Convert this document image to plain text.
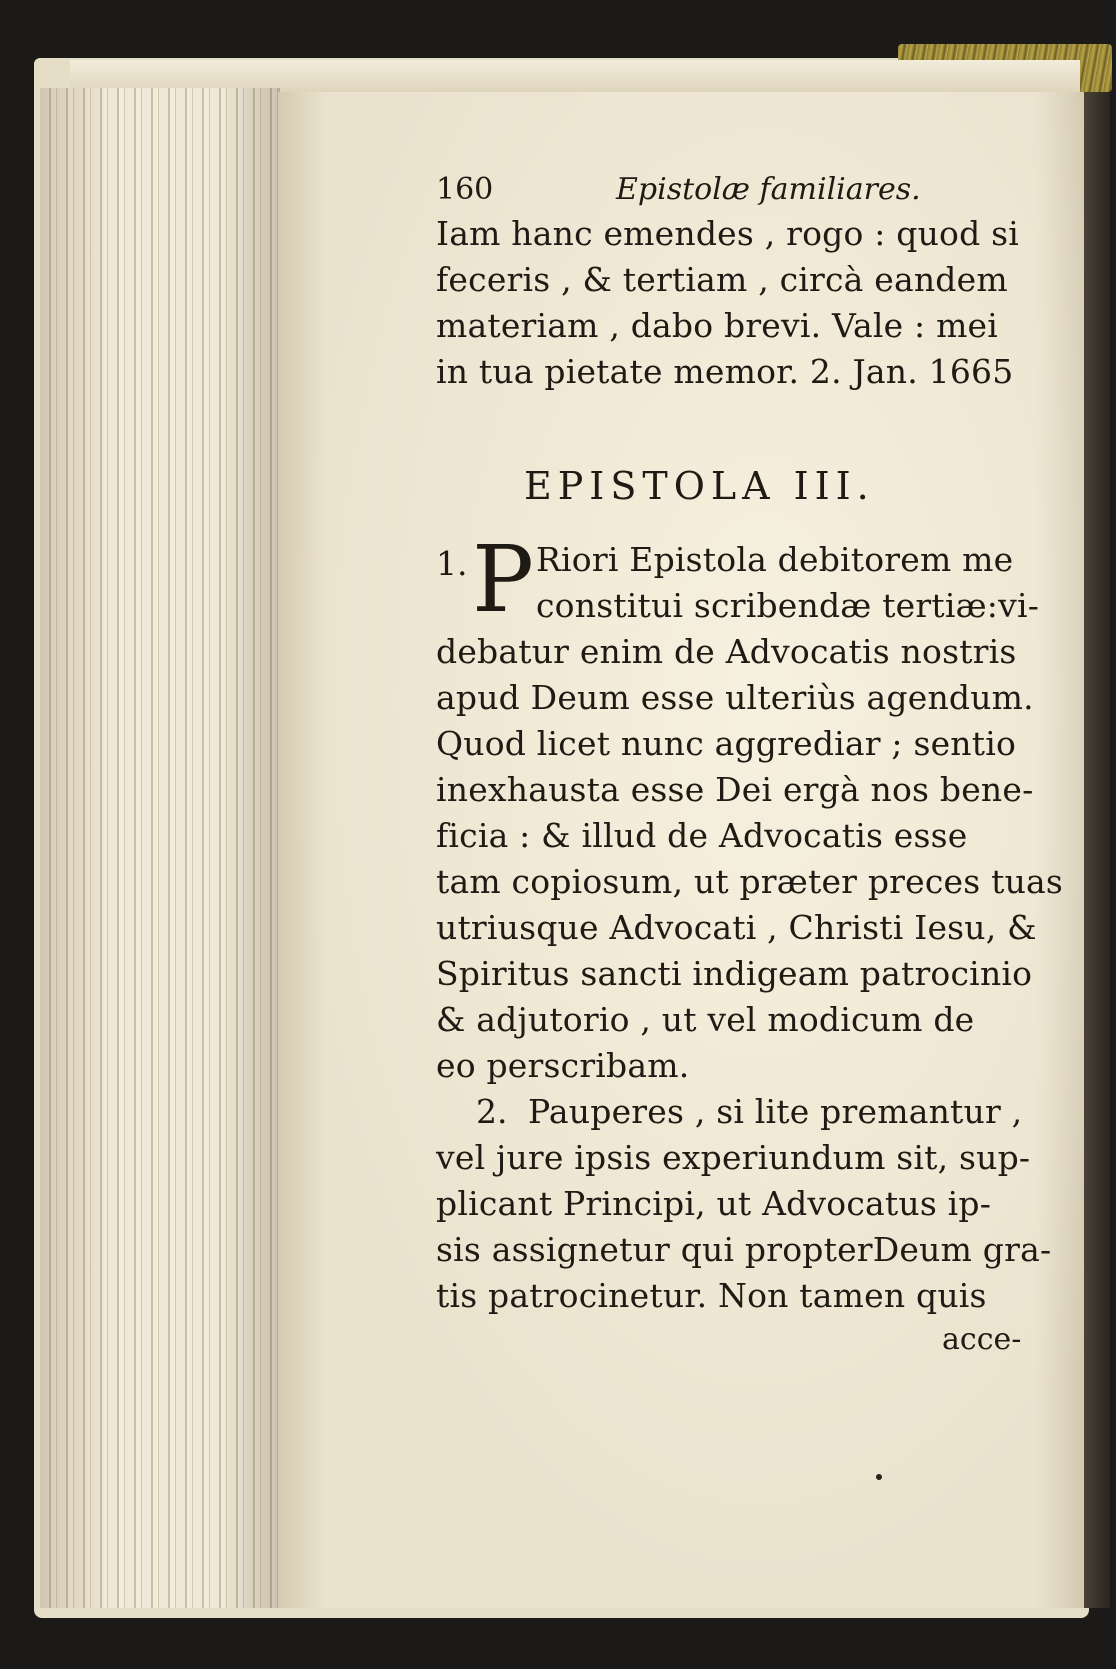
160	Epistolæ familiares.
Iam hanc emendes , rogo : quod si
feceris , & tertiam , circà eandem
materiam , dabo brevi. Vale : mei
in tua pietate memor. 2. Jan. 1665
EPISTOLA III.
1. P Riori Epistola debitorem me
constitui scribendæ tertiæ:vi-
debatur enim de Advocatis nostris
apud Deum esse ulteriùs agendum.
Quod licet nunc aggrediar ; sentio
inexhausta esse Dei ergà nos bene-
ficia : & illud de Advocatis esse
tam copiosum, ut præter preces tuas
utriusque Advocati , Christi Iesu, &
Spiritus sancti indigeam patrocinio
& adjutorio , ut vel modicum de
eo perscribam.
2. Pauperes , si lite premantur ,
vel jure ipsis experiundum sit, sup-
plicant Principi, ut Advocatus ip-
sis assignetur qui propterDeum gra-
tis patrocinetur. Non tamen quis
acce-
